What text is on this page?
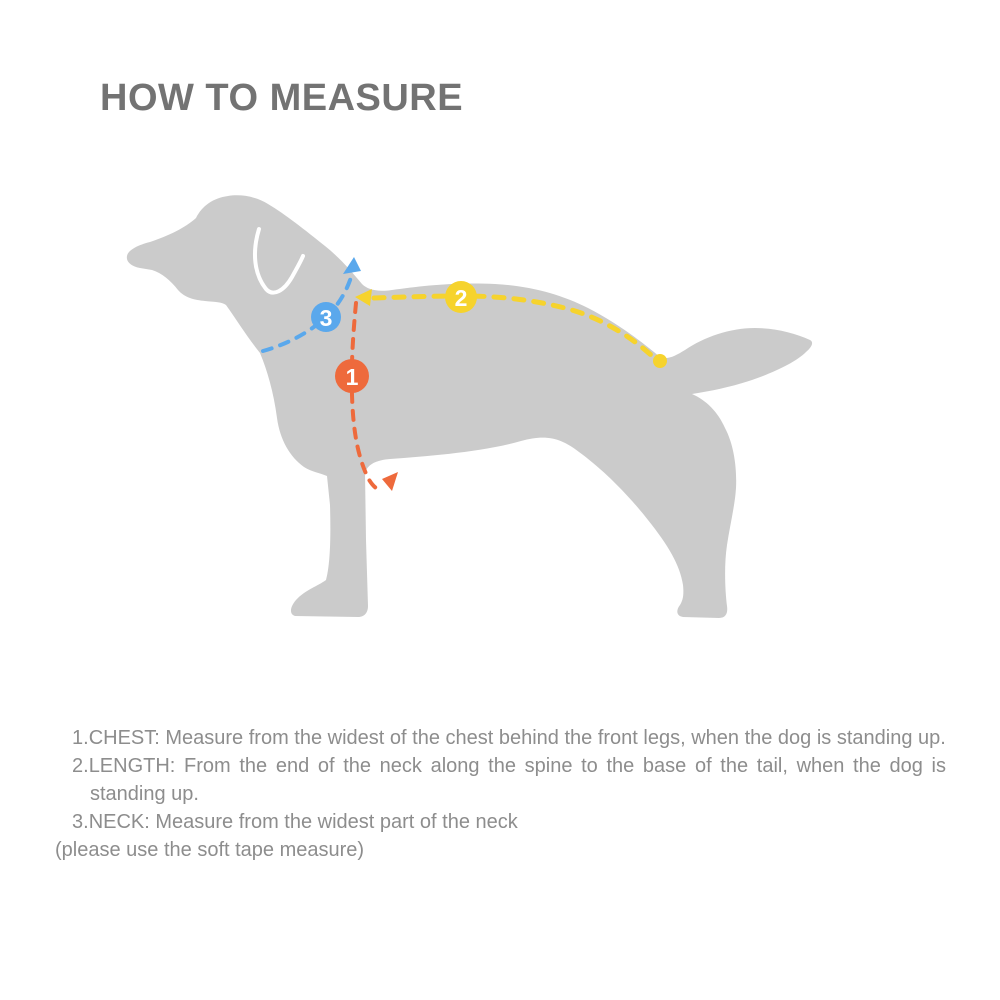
HOW TO MEASURE
1
2
3

1.CHEST: Measure from the widest of the chest behind the front legs, when the dog is standing up.

2.LENGTH: From the end of the neck along the spine to the base of the tail, when the dog is standing up.

3.NECK: Measure from the widest part of the neck

(please use the soft tape measure)
